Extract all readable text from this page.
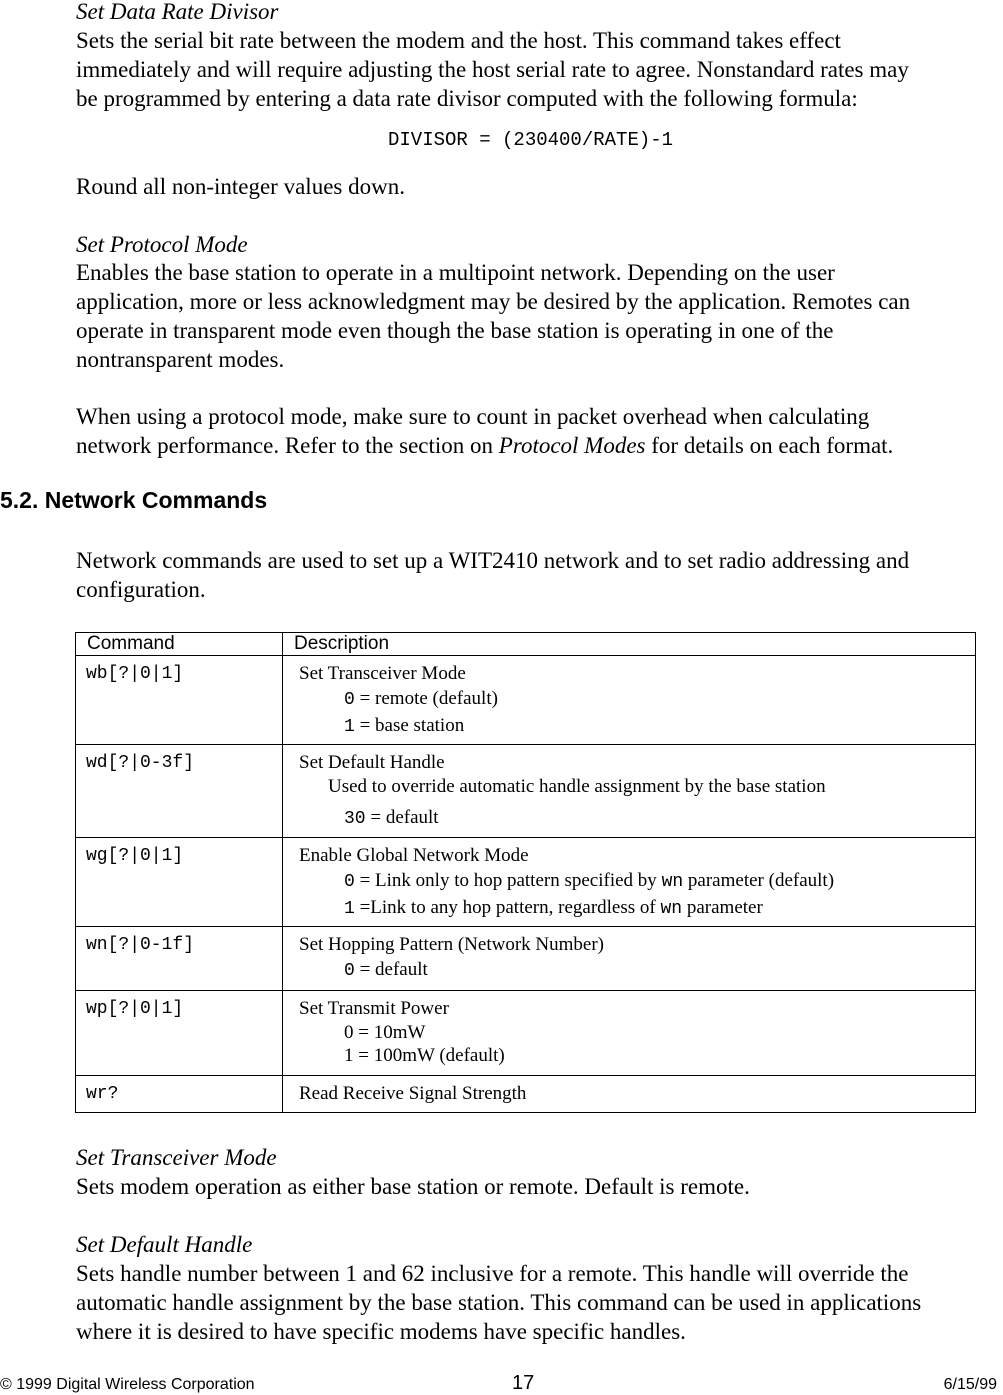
Set Data Rate Divisor
Sets the serial bit rate between the modem and the host. This command takes effect
immediately and will require adjusting the host serial rate to agree. Nonstandard rates may
be programmed by entering a data rate divisor computed with the following formula:
DIVISOR = (230400/RATE)-1
Round all non-integer values down.
Set Protocol Mode
Enables the base station to operate in a multipoint network. Depending on the user
application, more or less acknowledgment may be desired by the application. Remotes can
operate in transparent mode even though the base station is operating in one of the
nontransparent modes.
When using a protocol mode, make sure to count in packet overhead when calculating
network performance. Refer to the section on Protocol Modes for details on each format.
5.2. Network Commands
Network commands are used to set up a WIT2410 network and to set radio addressing and
configuration.
Command	Description

wb[?|0|1]	Set Transceiver Mode
0 = remote (default)
1 = base station

wd[?|0-3f]	Set Default Handle
Used to override automatic handle assignment by the base station
30 = default

wg[?|0|1]	Enable Global Network Mode
0 = Link only to hop pattern specified by wn parameter (default)
1 =Link to any hop pattern, regardless of wn parameter

wn[?|0-1f]	Set Hopping Pattern (Network Number)
0 = default

wp[?|0|1]	Set Transmit Power
0 = 10mW
1 = 100mW (default)

wr?	Read Receive Signal Strength
Set Transceiver Mode
Sets modem operation as either base station or remote. Default is remote.
Set Default Handle
Sets handle number between 1 and 62 inclusive for a remote. This handle will override the
automatic handle assignment by the base station. This command can be used in applications
where it is desired to have specific modems have specific handles.
© 1999 Digital Wireless Corporation	17	6/15/99
